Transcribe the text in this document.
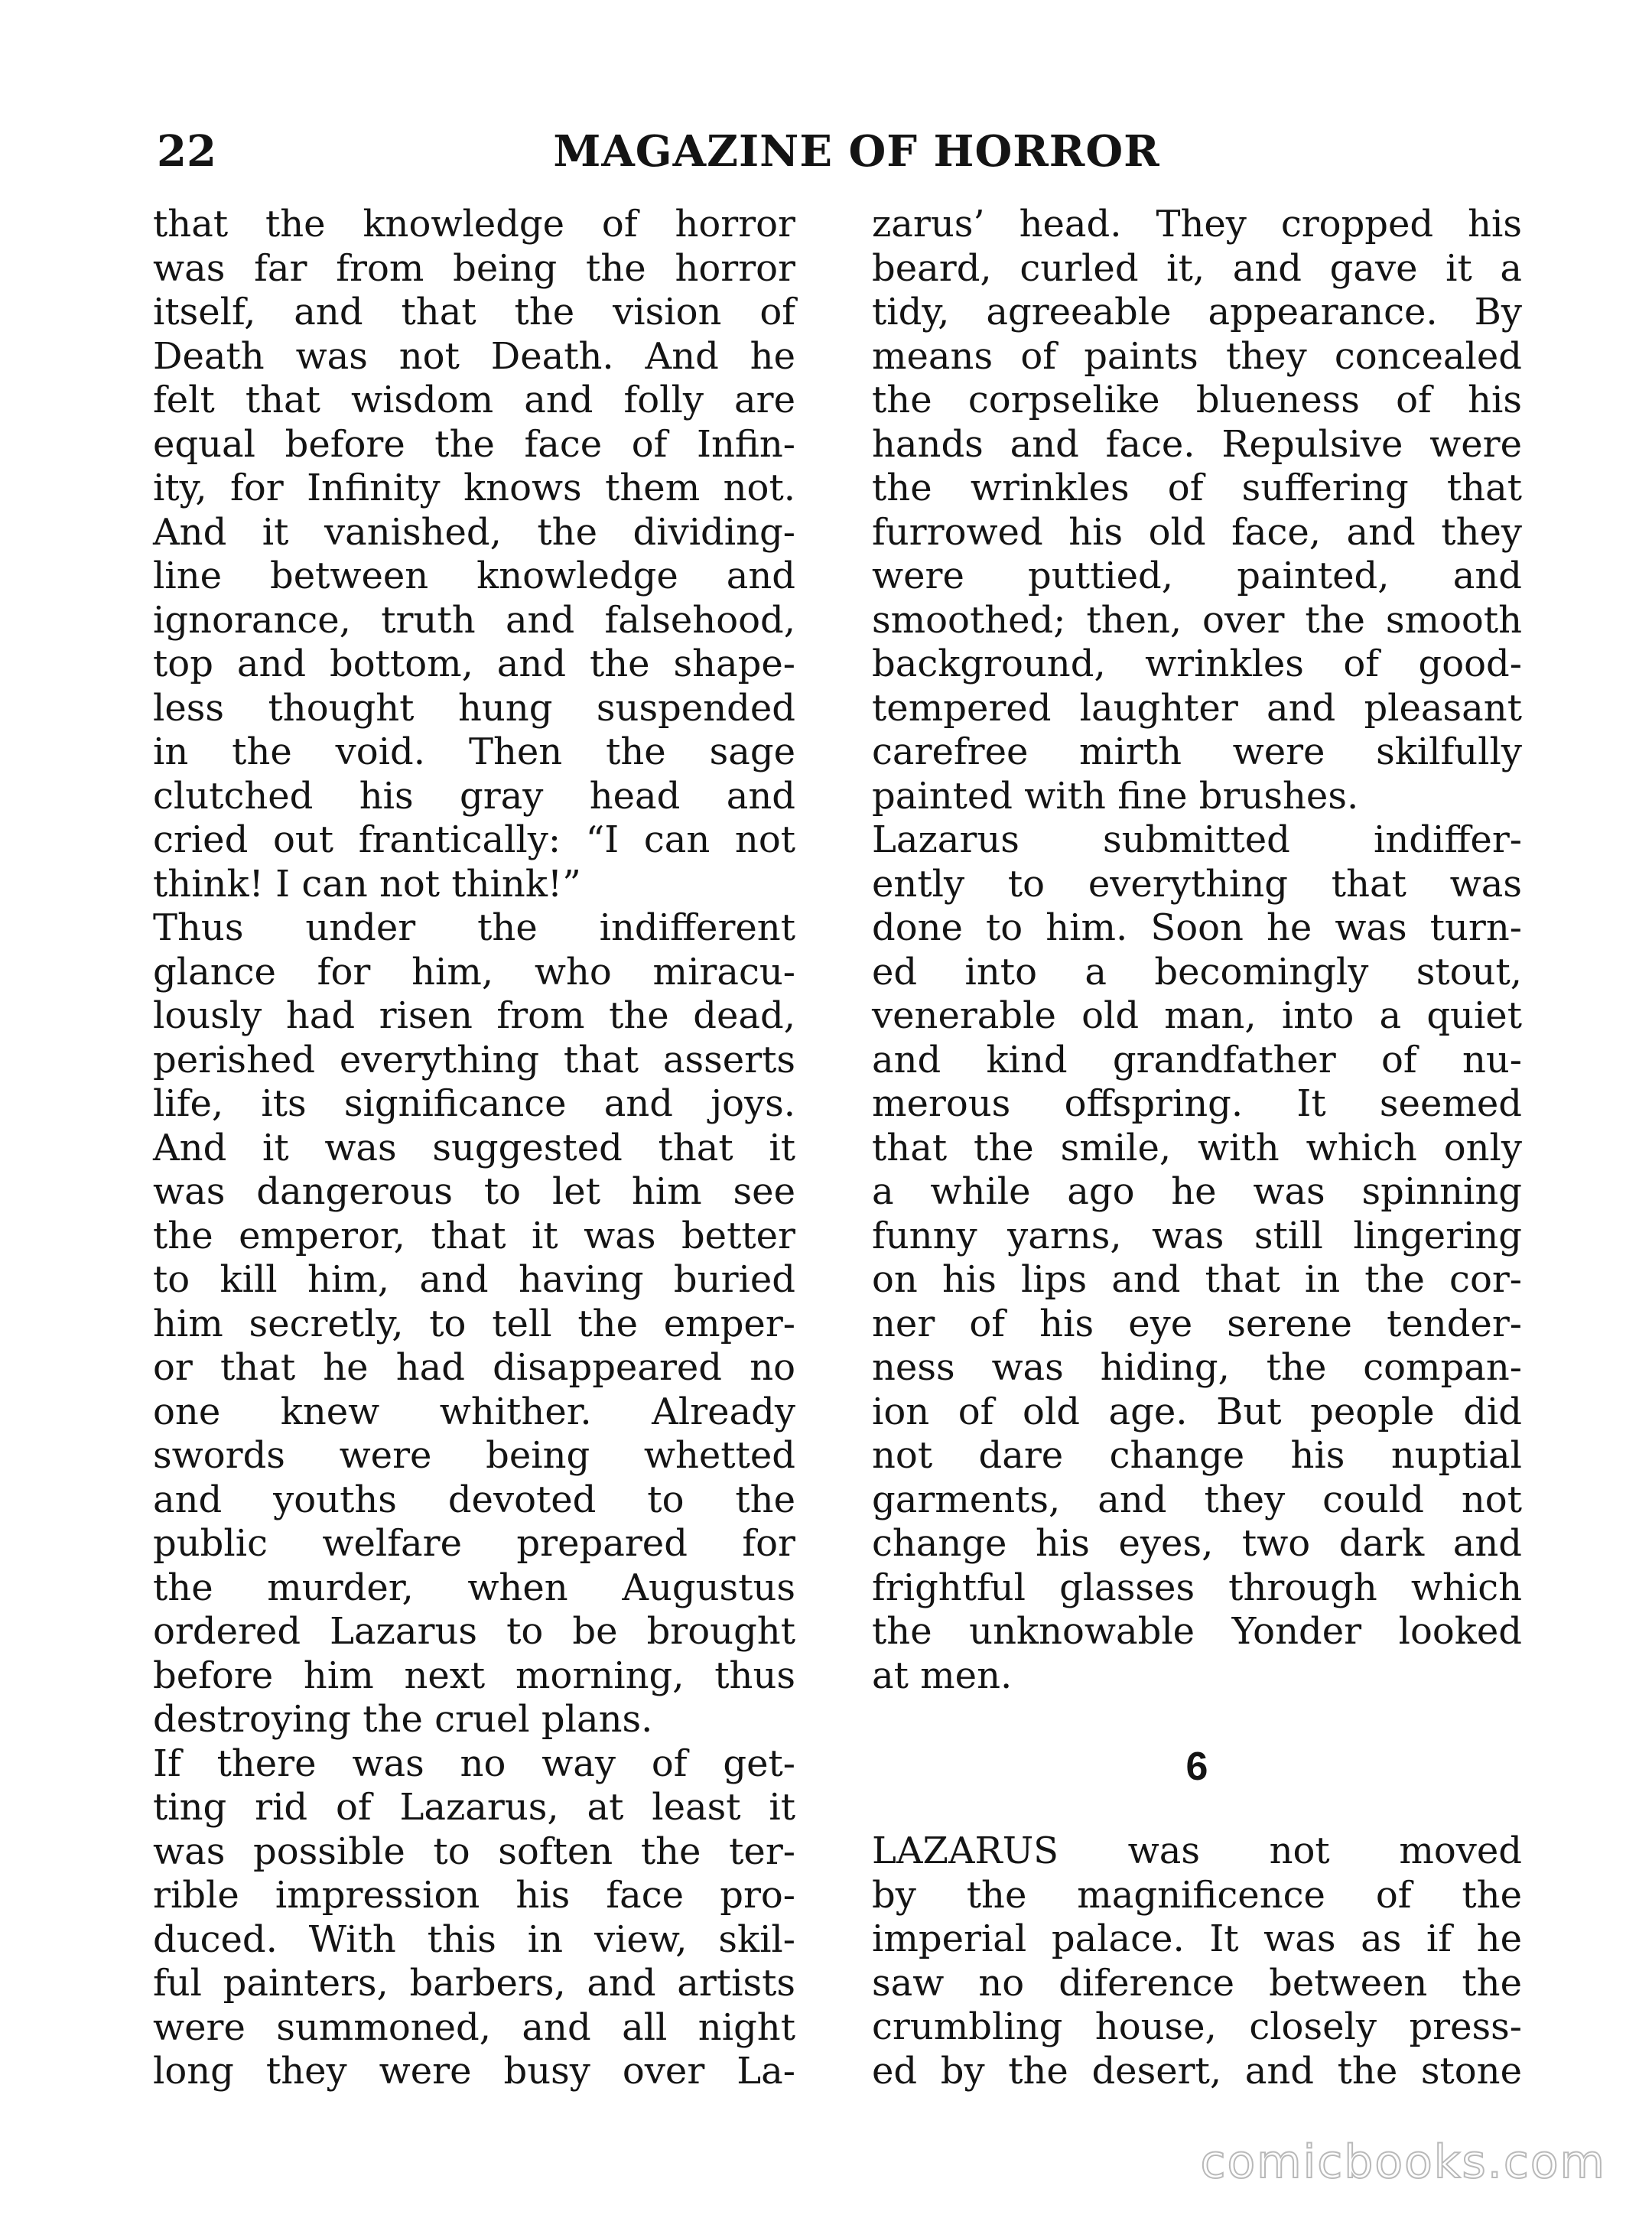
22	MAGAZINE OF HORROR
that the knowledge of horror
was far from being the horror
itself, and that the vision of
Death was not Death. And he
felt that wisdom and folly are
equal before the face of Infin-
ity, for Infinity knows them not.
And it vanished, the dividing-
line between knowledge and
ignorance, truth and falsehood,
top and bottom, and the shape-
less thought hung suspended
in the void. Then the sage
clutched his gray head and
cried out frantically: “I can not
think! I can not think!”
Thus under the indifferent
glance for him, who miracu-
lously had risen from the dead,
perished everything that asserts
life, its significance and joys.
And it was suggested that it
was dangerous to let him see
the emperor, that it was better
to kill him, and having buried
him secretly, to tell the emper-
or that he had disappeared no
one knew whither. Already
swords were being whetted
and youths devoted to the
public welfare prepared for
the murder, when Augustus
ordered Lazarus to be brought
before him next morning, thus
destroying the cruel plans.
If there was no way of get-
ting rid of Lazarus, at least it
was possible to soften the ter-
rible impression his face pro-
duced. With this in view, skil-
ful painters, barbers, and artists
were summoned, and all night
long they were busy over La-
zarus’ head. They cropped his
beard, curled it, and gave it a
tidy, agreeable appearance. By
means of paints they concealed
the corpselike blueness of his
hands and face. Repulsive were
the wrinkles of suffering that
furrowed his old face, and they
were puttied, painted, and
smoothed; then, over the smooth
background, wrinkles of good-
tempered laughter and pleasant
carefree mirth were skilfully
painted with fine brushes.
Lazarus submitted indiffer-
ently to everything that was
done to him. Soon he was turn-
ed into a becomingly stout,
venerable old man, into a quiet
and kind grandfather of nu-
merous offspring. It seemed
that the smile, with which only
a while ago he was spinning
funny yarns, was still lingering
on his lips and that in the cor-
ner of his eye serene tender-
ness was hiding, the compan-
ion of old age. But people did
not dare change his nuptial
garments, and they could not
change his eyes, two dark and
frightful glasses through which
the unknowable Yonder looked
at men.
6
LAZARUS was not moved
by the magnificence of the
imperial palace. It was as if he
saw no diference between the
crumbling house, closely press-
ed by the desert, and the stone
comicbooks.com
